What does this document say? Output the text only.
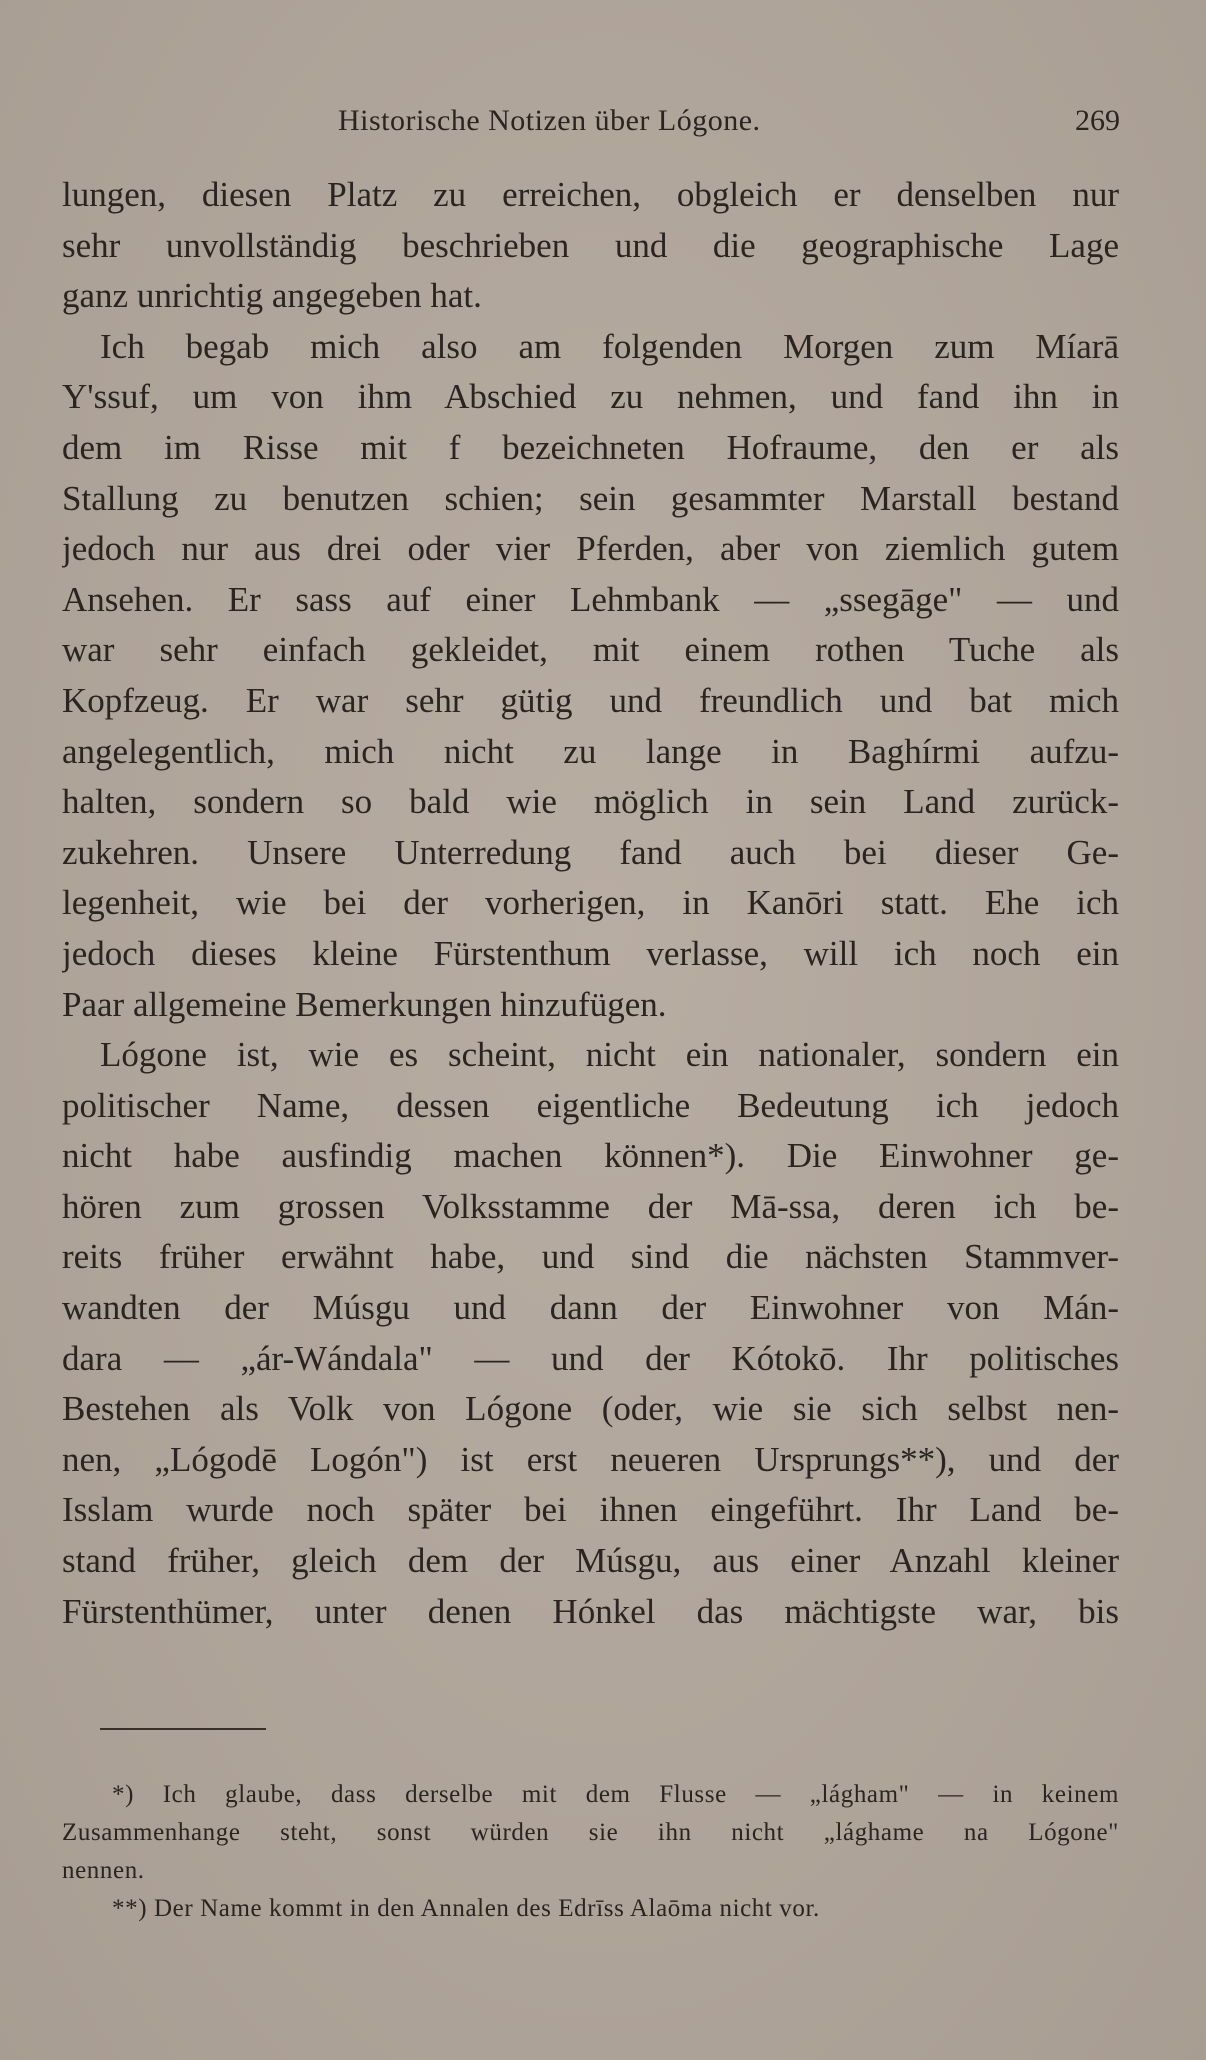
Historische Notizen über Lógone.	269
lungen, diesen Platz zu erreichen, obgleich er denselben nur
sehr unvollständig beschrieben und die geographische Lage
ganz unrichtig angegeben hat.
Ich begab mich also am folgenden Morgen zum Míarā
Y'ssuf, um von ihm Abschied zu nehmen, und fand ihn in
dem im Risse mit f bezeichneten Hofraume, den er als
Stallung zu benutzen schien; sein gesammter Marstall bestand
jedoch nur aus drei oder vier Pferden, aber von ziemlich gutem
Ansehen. Er sass auf einer Lehmbank — „ssegāge" — und
war sehr einfach gekleidet, mit einem rothen Tuche als
Kopfzeug. Er war sehr gütig und freundlich und bat mich
angelegentlich, mich nicht zu lange in Baghírmi aufzu-
halten, sondern so bald wie möglich in sein Land zurück-
zukehren. Unsere Unterredung fand auch bei dieser Ge-
legenheit, wie bei der vorherigen, in Kanōri statt. Ehe ich
jedoch dieses kleine Fürstenthum verlasse, will ich noch ein
Paar allgemeine Bemerkungen hinzufügen.
Lógone ist, wie es scheint, nicht ein nationaler, sondern ein
politischer Name, dessen eigentliche Bedeutung ich jedoch
nicht habe ausfindig machen können*). Die Einwohner ge-
hören zum grossen Volksstamme der Mā-ssa, deren ich be-
reits früher erwähnt habe, und sind die nächsten Stammver-
wandten der Músgu und dann der Einwohner von Mán-
dara — „ár-Wándala" — und der Kótokō. Ihr politisches
Bestehen als Volk von Lógone (oder, wie sie sich selbst nen-
nen, „Lógodē Logón") ist erst neueren Ursprungs**), und der
Isslam wurde noch später bei ihnen eingeführt. Ihr Land be-
stand früher, gleich dem der Músgu, aus einer Anzahl kleiner
Fürstenthümer, unter denen Hónkel das mächtigste war, bis
*) Ich glaube, dass derselbe mit dem Flusse — „lágham" — in keinem
Zusammenhange steht, sonst würden sie ihn nicht „lághame na Lógone"
nennen.
**) Der Name kommt in den Annalen des Edrīss Alaōma nicht vor.
